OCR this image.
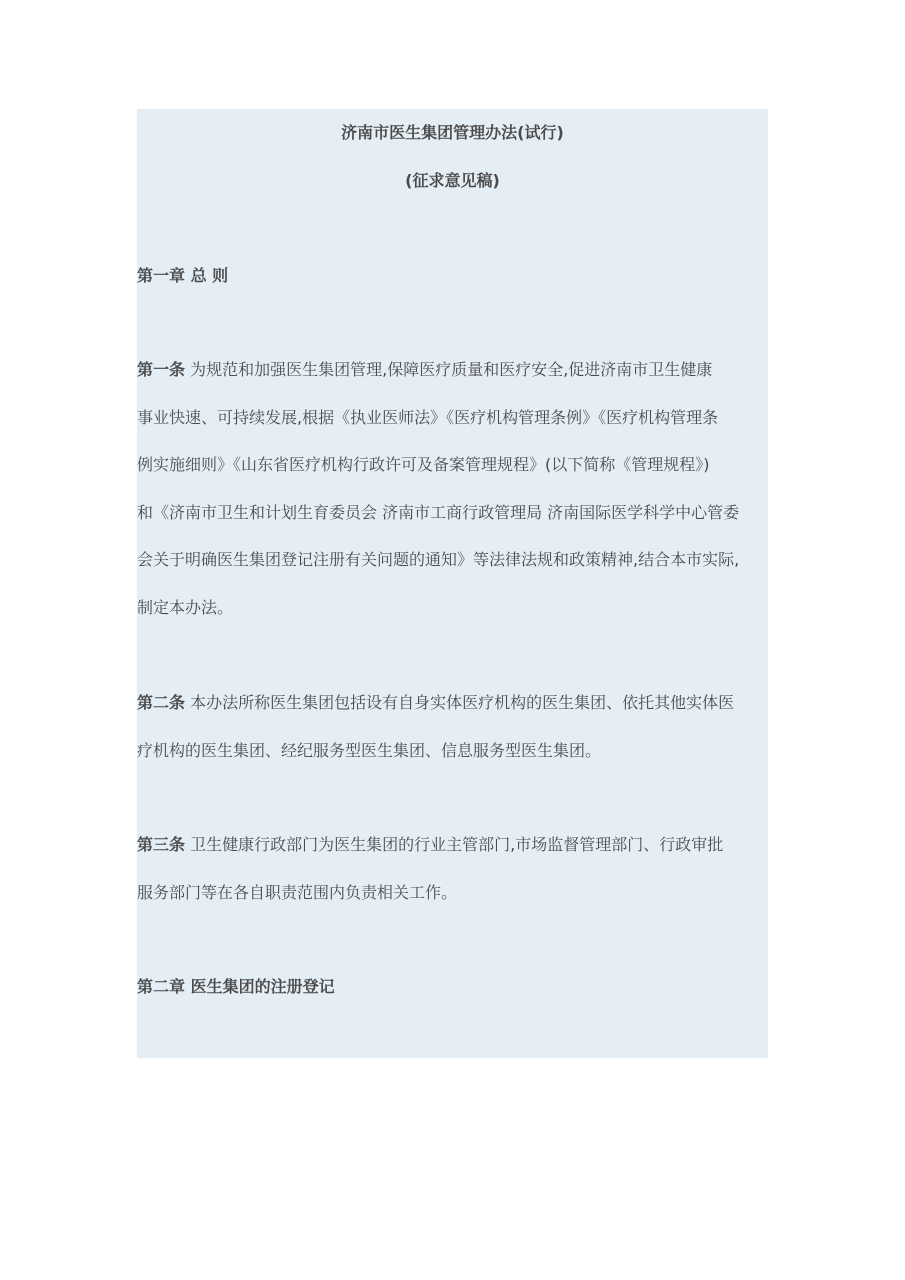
济南市医生集团管理办法(试行)
(征求意见稿)
第一章 总 则
第一条 为规范和加强医生集团管理,保障医疗质量和医疗安全,促进济南市卫生健康
事业快速、可持续发展,根据《执业医师法》《医疗机构管理条例》《医疗机构管理条
例实施细则》《山东省医疗机构行政许可及备案管理规程》(以下简称《管理规程》)
和《济南市卫生和计划生育委员会 济南市工商行政管理局 济南国际医学科学中心管委
会关于明确医生集团登记注册有关问题的通知》等法律法规和政策精神,结合本市实际,
制定本办法。
第二条 本办法所称医生集团包括设有自身实体医疗机构的医生集团、依托其他实体医
疗机构的医生集团、经纪服务型医生集团、信息服务型医生集团。
第三条 卫生健康行政部门为医生集团的行业主管部门,市场监督管理部门、行政审批
服务部门等在各自职责范围内负责相关工作。
第二章 医生集团的注册登记
